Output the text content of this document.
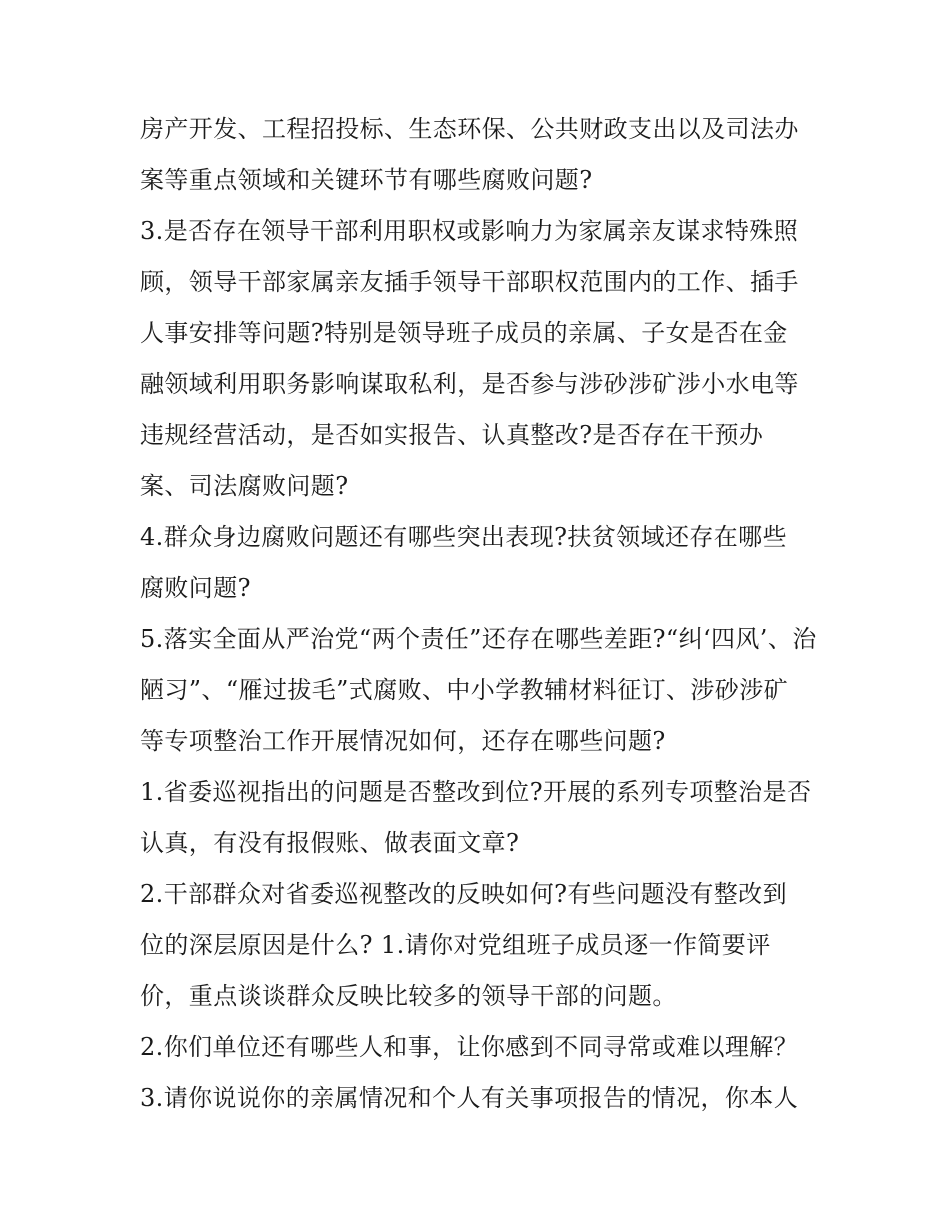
房产开发、工程招投标、生态环保、公共财政支出以及司法办
案等重点领域和关键环节有哪些腐败问题?
3.是否存在领导干部利用职权或影响力为家属亲友谋求特殊照
顾，领导干部家属亲友插手领导干部职权范围内的工作、插手
人事安排等问题?特别是领导班子成员的亲属、子女是否在金
融领域利用职务影响谋取私利，是否参与涉砂涉矿涉小水电等
违规经营活动，是否如实报告、认真整改?是否存在干预办
案、司法腐败问题?
4.群众身边腐败问题还有哪些突出表现?扶贫领域还存在哪些
腐败问题?
5.落实全面从严治党“两个责任”还存在哪些差距?“纠‘四风’、治
陋习”、“雁过拔毛”式腐败、中小学教辅材料征订、涉砂涉矿
等专项整治工作开展情况如何，还存在哪些问题?
1.省委巡视指出的问题是否整改到位?开展的系列专项整治是否
认真，有没有报假账、做表面文章?
2.干部群众对省委巡视整改的反映如何?有些问题没有整改到
位的深层原因是什么? 1.请你对党组班子成员逐一作简要评
价，重点谈谈群众反映比较多的领导干部的问题。
2.你们单位还有哪些人和事，让你感到不同寻常或难以理解？
3.请你说说你的亲属情况和个人有关事项报告的情况，你本人
